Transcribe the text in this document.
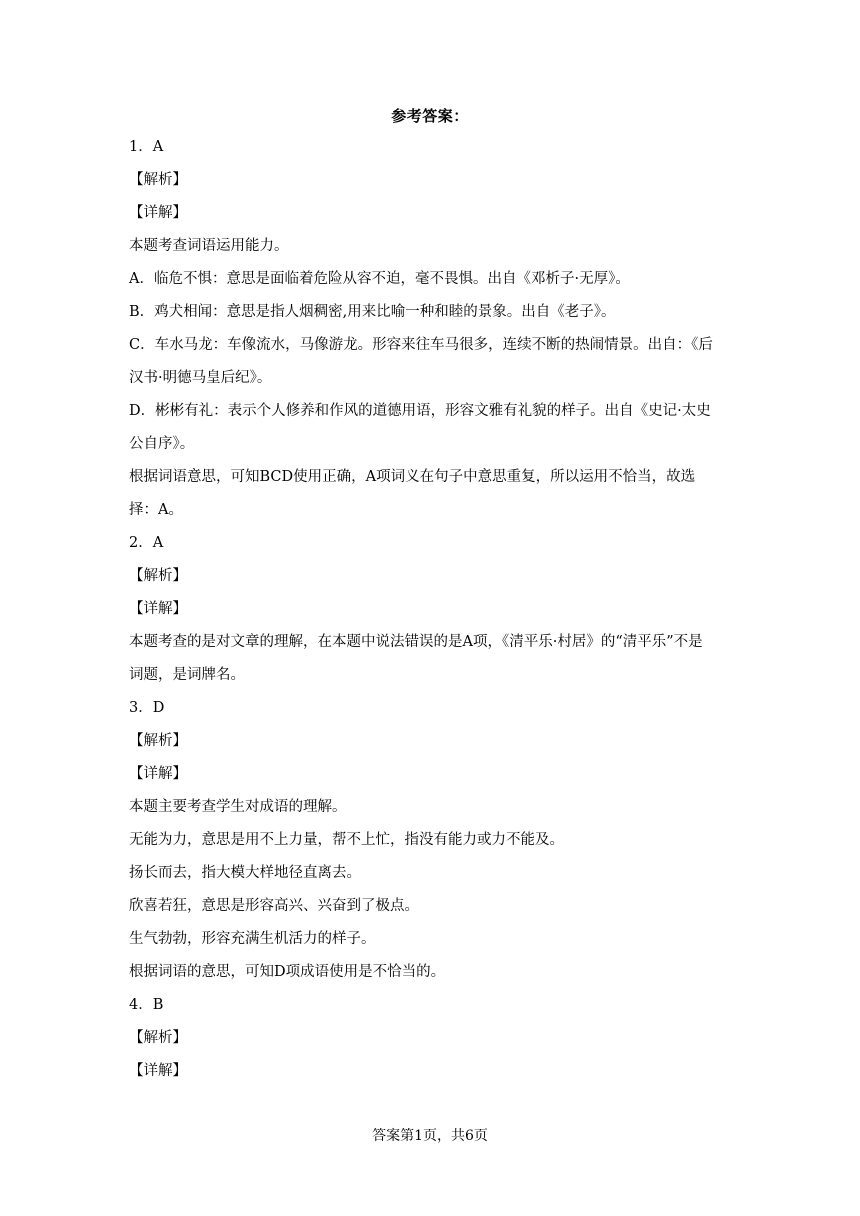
参考答案：
1．A
【解析】
【详解】
本题考查词语运用能力。
A．临危不惧：意思是面临着危险从容不迫，毫不畏惧。出自《邓析子·无厚》。
B．鸡犬相闻：意思是指人烟稠密,用来比喻一种和睦的景象。出自《老子》。
C．车水马龙：车像流水，马像游龙。形容来往车马很多，连续不断的热闹情景。出自：《后
汉书·明德马皇后纪》。
D．彬彬有礼：表示个人修养和作风的道德用语，形容文雅有礼貌的样子。出自《史记·太史
公自序》。
根据词语意思，可知BCD使用正确，A项词义在句子中意思重复，所以运用不恰当，故选
择：A。
2．A
【解析】
【详解】
本题考查的是对文章的理解，在本题中说法错误的是A项，《清平乐·村居》的“清平乐”不是
词题，是词牌名。
3．D
【解析】
【详解】
本题主要考查学生对成语的理解。
无能为力，意思是用不上力量，帮不上忙，指没有能力或力不能及。
扬长而去，指大模大样地径直离去。
欣喜若狂，意思是形容高兴、兴奋到了极点。
生气勃勃，形容充满生机活力的样子。
根据词语的意思，可知D项成语使用是不恰当的。
4．B
【解析】
【详解】
答案第1页，共6页
